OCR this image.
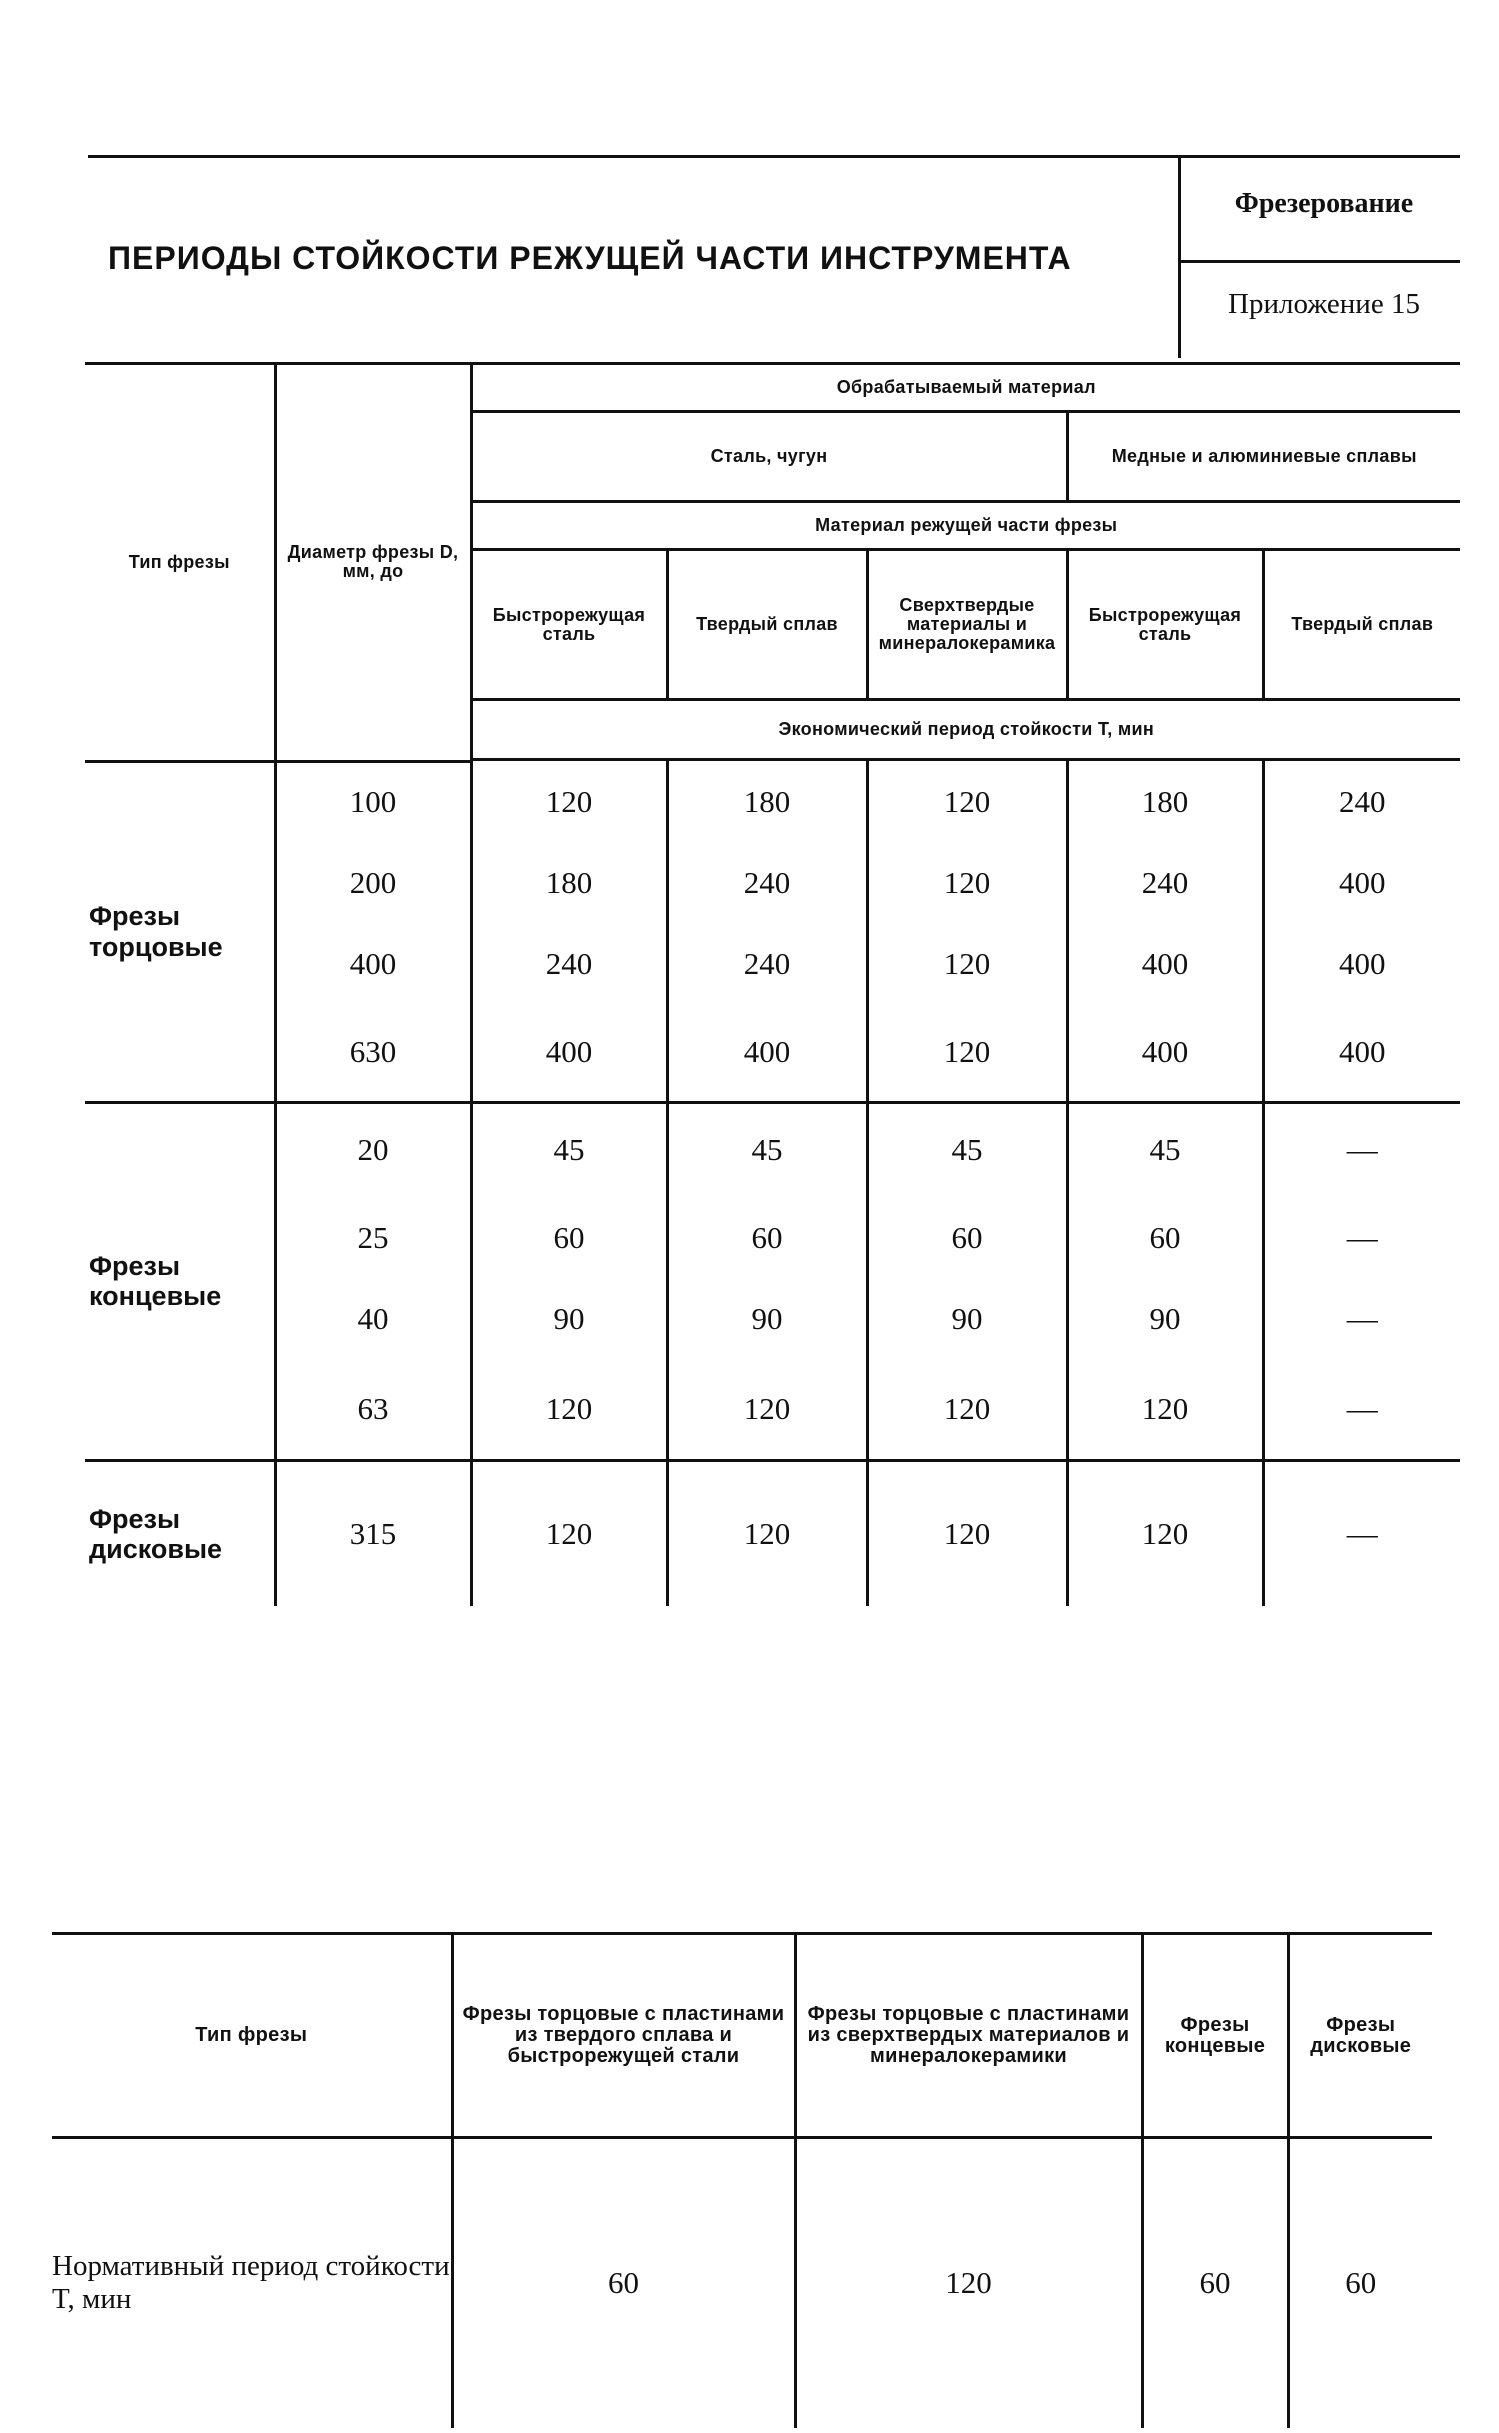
ПЕРИОДЫ СТОЙКОСТИ РЕЖУЩЕЙ ЧАСТИ ИНСТРУМЕНТА
Фрезерование
Приложение 15
Тип фрезы	Диаметр фрезы D, мм, до	Обрабатываемый материал				
		Сталь, чугун			Медные и алюминиевые сплавы	
		Материал режущей части фрезы				
		Быстрорежущая сталь	Твердый сплав	Сверхтвердые материалы и минералокерамика	Быстрорежущая сталь	Твердый сплав
		Экономический период стойкости T, мин				

Фрезы торцовые	100	120	180	120	180	240
	200	180	240	120	240	400
	400	240	240	120	400	400
	630	400	400	120	400	400
Фрезы концевые	20	45	45	45	45	—
	25	60	60	60	60	—
	40	90	90	90	90	—
	63	120	120	120	120	—
Фрезы дисковые	315	120	120	120	120	—
Тип фрезы	Фрезы торцовые с пластинами из твердого сплава и быстрорежущей стали	Фрезы торцовые с пластинами из сверхтвердых материалов и минералокерамики	Фрезы концевые	Фрезы дисковые
Нормативный период стойкости T, мин	60	120	60	60
